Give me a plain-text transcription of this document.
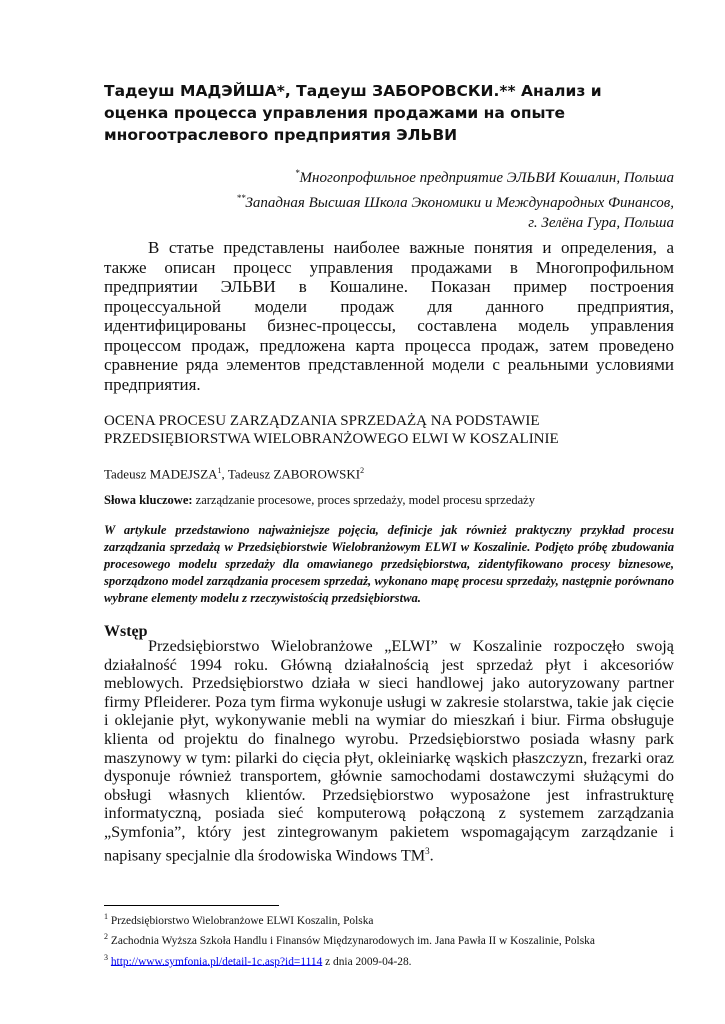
Тадеуш МАДЭЙША*, Тадеуш ЗАБОРОВСКИ.** Анализ и оценка процесса управления продажами на опыте многоотраслевого предприятия ЭЛЬВИ
*Многопрофильное предприятие ЭЛЬВИ Кошалин, Польша
**Западная Высшая Школа Экономики и Международных Финансов,
г. Зелёна Гура, Польша

В статье представлены наиболее важные понятия и определения, а также описан процесс управления продажами в Многопрофильном предприятии ЭЛЬВИ в Кошалине. Показан пример построения процессуальной модели продаж для данного предприятия, идентифицированы бизнес-процессы, составлена модель управления процессом продаж, предложена карта процесса продаж, затем проведено сравнение ряда элементов представленной модели с реальными условиями предприятия.

OCENA PROCESU ZARZĄDZANIA SPRZEDAŻĄ NA PODSTAWIE
PRZEDSIĘBIORSTWA WIELOBRANŻOWEGO ELWI W KOSZALINIE
Tadeusz MADEJSZA$^1$, Tadeusz ZABOROWSKI$^2$
Słowa kluczowe: zarządzanie procesowe, proces sprzedaży, model procesu sprzedaży

W artykule przedstawiono najważniejsze pojęcia, definicje jak również praktyczny przykład procesu zarządzania sprzedażą w Przedsiębiorstwie Wielobranżowym ELWI w Koszalinie. Podjęto próbę zbudowania procesowego modelu sprzedaży dla omawianego przedsiębiorstwa, zidentyfikowano procesy biznesowe, sporządzono model zarządzania procesem sprzedaż, wykonano mapę procesu sprzedaży, następnie porównano wybrane elementy modelu z rzeczywistością przedsiębiorstwa.

Wstęp

Przedsiębiorstwo Wielobranżowe „ELWI” w Koszalinie rozpoczęło swoją działalność 1994 roku. Główną działalnością jest sprzedaż płyt i akcesoriów meblowych. Przedsiębiorstwo działa w sieci handlowej jako autoryzowany partner firmy Pfleiderer. Poza tym firma wykonuje usługi w zakresie stolarstwa, takie jak cięcie i oklejanie płyt, wykonywanie mebli na wymiar do mieszkań i biur. Firma obsługuje klienta od projektu do finalnego wyrobu. Przedsiębiorstwo posiada własny park maszynowy w tym: pilarki do cięcia płyt, okleiniarkę wąskich płaszczyzn, frezarki oraz dysponuje również transportem, głównie samochodami dostawczymi służącymi do obsługi własnych klientów. Przedsiębiorstwo wyposażone jest infrastrukturę informatyczną, posiada sieć komputerową połączoną z systemem zarządzania „Symfonia”, który jest zintegrowanym pakietem wspomagającym zarządzanie i napisany specjalnie dla środowiska Windows $TM^3$.

$^1$ Przedsiębiorstwo Wielobranżowe ELWI Koszalin, Polska
$^2$ Zachodnia Wyższa Szkoła Handlu i Finansów Międzynarodowych im. Jana Pawła II w Koszalinie, Polska
$^3$ http://www.symfonia.pl/detail-1c.asp?id=1114 z dnia 2009-04-28.
